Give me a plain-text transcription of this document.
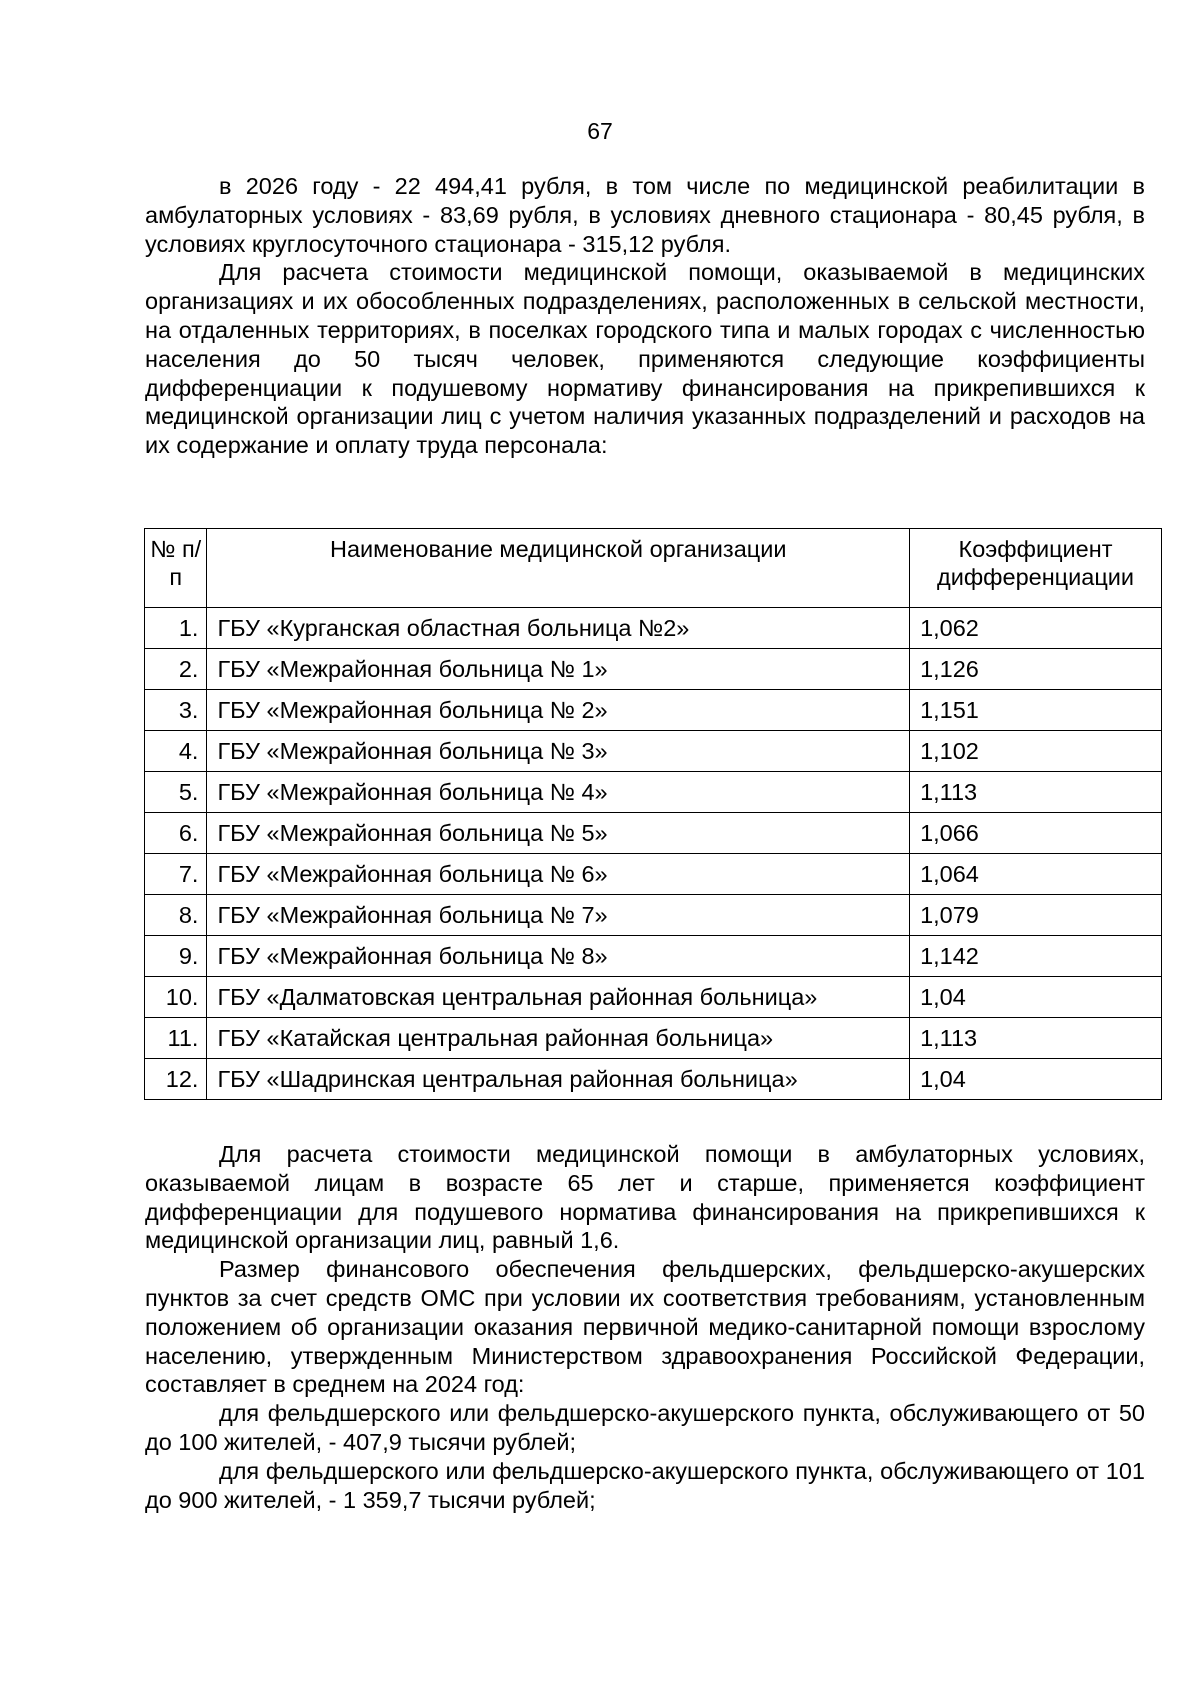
67

в 2026 году - 22 494,41 рубля, в том числе по медицинской реабилитации в амбулаторных условиях - 83,69 рубля, в условиях дневного стационара - 80,45 рубля, в условиях круглосуточного стационара - 315,12 рубля.

Для расчета стоимости медицинской помощи, оказываемой в медицинских организациях и их обособленных подразделениях, расположенных в сельской местности, на отдаленных территориях, в поселках городского типа и малых городах с численностью населения до 50 тысяч человек, применяются следующие коэффициенты дифференциации к подушевому нормативу финансирования на прикрепившихся к медицинской организации лиц с учетом наличия указанных подразделений и расходов на их содержание и оплату труда персонала:

№ п/п	Наименование медицинской организации	Коэффициент дифференциации
1.	ГБУ «Курганская областная больница №2»	1,062
2.	ГБУ «Межрайонная больница № 1»	1,126
3.	ГБУ «Межрайонная больница № 2»	1,151
4.	ГБУ «Межрайонная больница № 3»	1,102
5.	ГБУ «Межрайонная больница № 4»	1,113
6.	ГБУ «Межрайонная больница № 5»	1,066
7.	ГБУ «Межрайонная больница № 6»	1,064
8.	ГБУ «Межрайонная больница № 7»	1,079
9.	ГБУ «Межрайонная больница № 8»	1,142
10.	ГБУ «Далматовская центральная районная больница»	1,04
11.	ГБУ «Катайская центральная районная больница»	1,113
12.	ГБУ «Шадринская центральная районная больница»	1,04

Для расчета стоимости медицинской помощи в амбулаторных условиях, оказываемой лицам в возрасте 65 лет и старше, применяется коэффициент дифференциации для подушевого норматива финансирования на прикрепившихся к медицинской организации лиц, равный 1,6.

Размер финансового обеспечения фельдшерских, фельдшерско-акушерских пунктов за счет средств ОМС при условии их соответствия требованиям, установленным положением об организации оказания первичной медико-санитарной помощи взрослому населению, утвержденным Министерством здравоохранения Российской Федерации, составляет в среднем на 2024 год:

для фельдшерского или фельдшерско-акушерского пункта, обслуживающего от 50 до 100 жителей, - 407,9 тысячи рублей;

для фельдшерского или фельдшерско-акушерского пункта, обслуживающего от 101 до 900 жителей, - 1 359,7 тысячи рублей;
